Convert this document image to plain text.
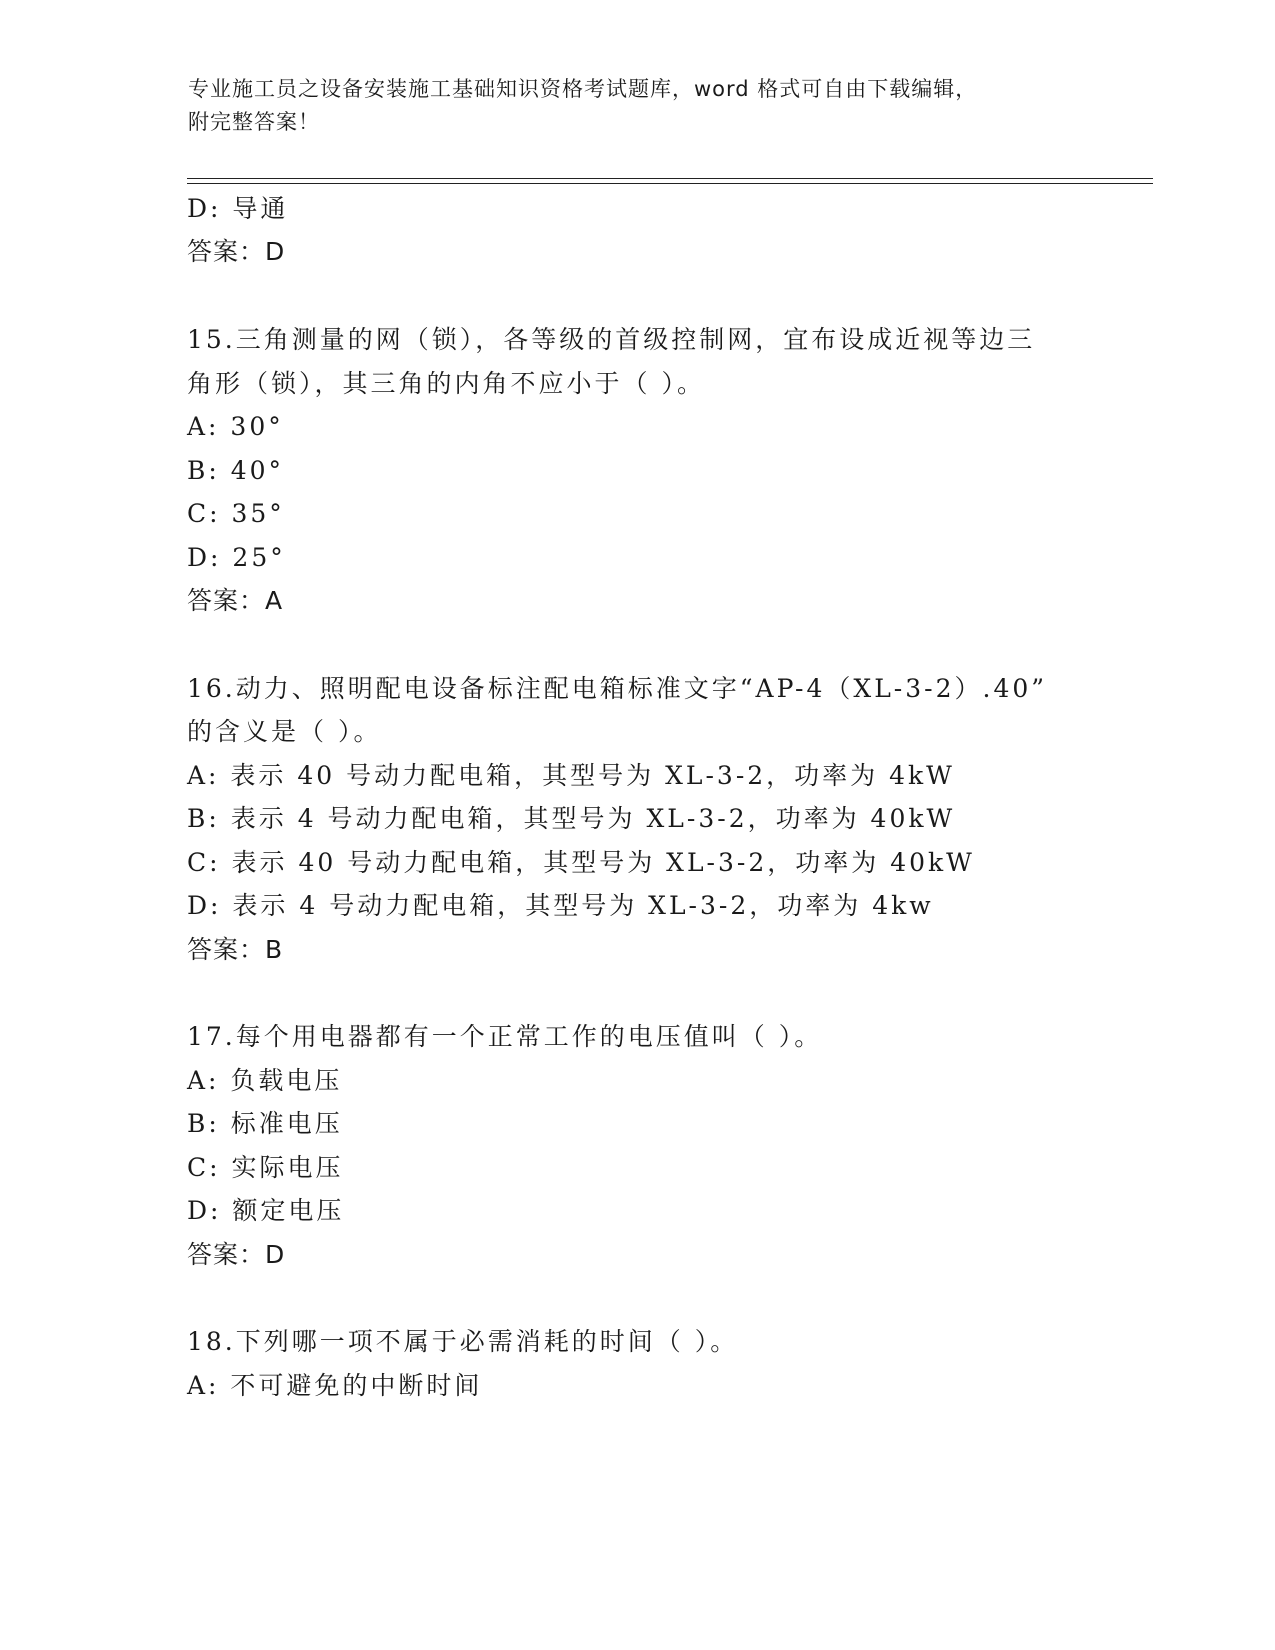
专业施工员之设备安装施工基础知识资格考试题库，word 格式可自由下载编辑，
附完整答案！
D: 导通
答案：D
15.三角测量的网（锁），各等级的首级控制网，宜布设成近视等边三
角形（锁），其三角的内角不应小于（ ）。
A: 30°
B: 40°
C: 35°
D: 25°
答案：A
16.动力、照明配电设备标注配电箱标准文字“AP-4（XL-3-2）.40”
的含义是（ ）。
A: 表示 40 号动力配电箱，其型号为 XL-3-2，功率为 4kW
B: 表示 4 号动力配电箱，其型号为 XL-3-2，功率为 40kW
C: 表示 40 号动力配电箱，其型号为 XL-3-2，功率为 40kW
D: 表示 4 号动力配电箱，其型号为 XL-3-2，功率为 4kw
答案：B
17.每个用电器都有一个正常工作的电压值叫（ ）。
A: 负载电压
B: 标准电压
C: 实际电压
D: 额定电压
答案：D
18.下列哪一项不属于必需消耗的时间（ ）。
A: 不可避免的中断时间
